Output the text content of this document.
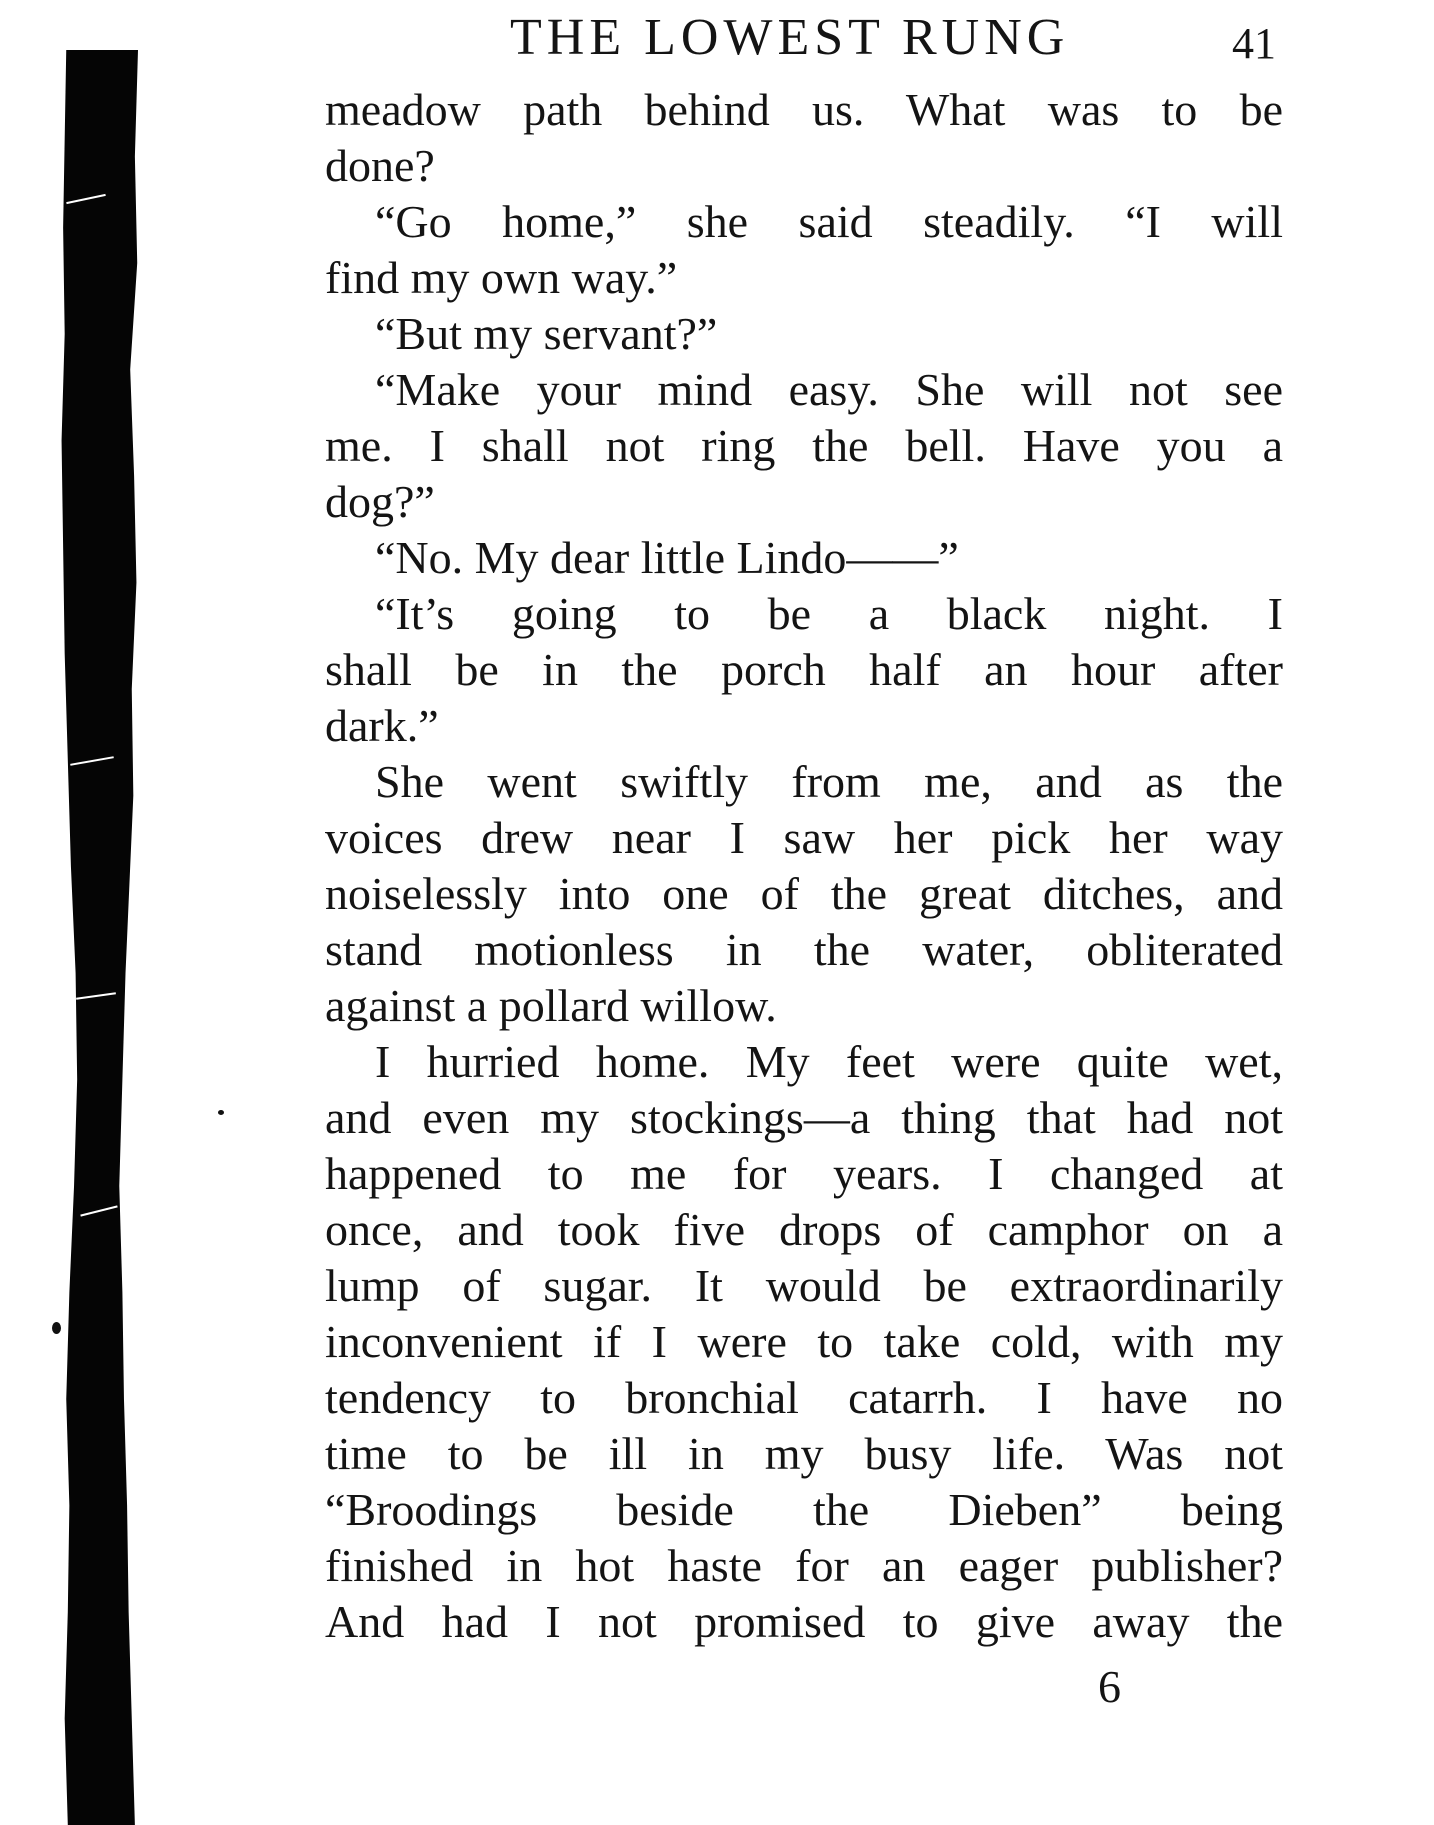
THE LOWEST RUNG	41
meadow path behind us. What was to be
done?
“Go home,” she said steadily. “I will
find my own way.”
“But my servant?”
“Make your mind easy. She will not see
me. I shall not ring the bell. Have you a
dog?”
“No. My dear little Lindo——”
“It’s going to be a black night. I
shall be in the porch half an hour after
dark.”
She went swiftly from me, and as the
voices drew near I saw her pick her way
noiselessly into one of the great ditches, and
stand motionless in the water, obliterated
against a pollard willow.
I hurried home. My feet were quite wet,
and even my stockings—a thing that had not
happened to me for years. I changed at
once, and took five drops of camphor on a
lump of sugar. It would be extraordinarily
inconvenient if I were to take cold, with my
tendency to bronchial catarrh. I have no
time to be ill in my busy life. Was not
“Broodings beside the Dieben” being
finished in hot haste for an eager publisher?
And had I not promised to give away the
6
